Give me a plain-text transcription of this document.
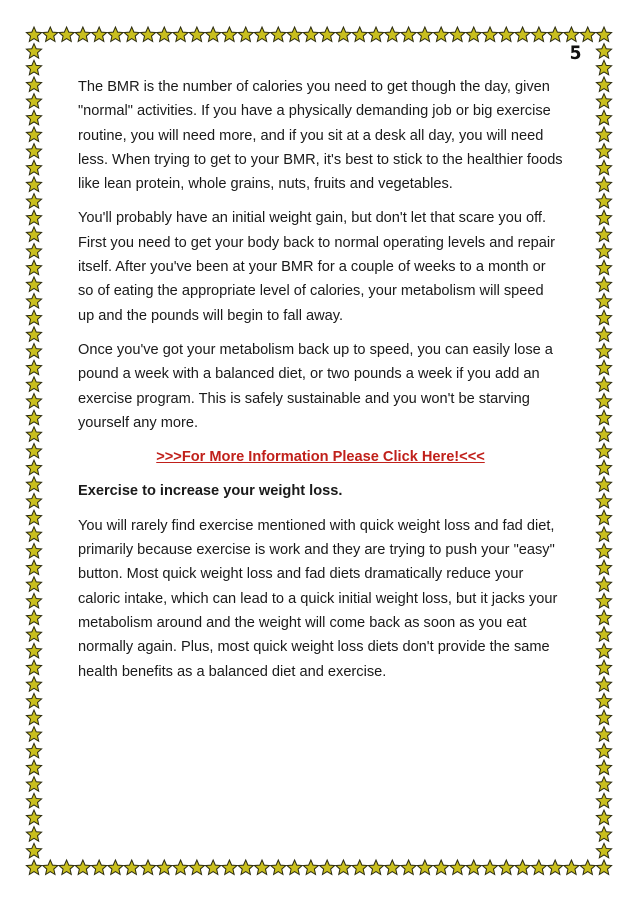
5

The BMR is the number of calories you need to get though the day, given "normal" activities. If you have a physically demanding job or big exercise routine, you will need more, and if you sit at a desk all day, you will need less. When trying to get to your BMR, it's best to stick to the healthier foods like lean protein, whole grains, nuts, fruits and vegetables.

You'll probably have an initial weight gain, but don't let that scare you off. First you need to get your body back to normal operating levels and repair itself. After you've been at your BMR for a couple of weeks to a month or so of eating the appropriate level of calories, your metabolism will speed up and the pounds will begin to fall away.

Once you've got your metabolism back up to speed, you can easily lose a pound a week with a balanced diet, or two pounds a week if you add an exercise program. This is safely sustainable and you won't be starving yourself any more.

>>>For More Information Please Click Here!<<<

Exercise to increase your weight loss.

You will rarely find exercise mentioned with quick weight loss and fad diet, primarily because exercise is work and they are trying to push your "easy" button. Most quick weight loss and fad diets dramatically reduce your caloric intake, which can lead to a quick initial weight loss, but it jacks your metabolism around and the weight will come back as soon as you eat normally again. Plus, most quick weight loss diets don't provide the same health benefits as a balanced diet and exercise.
